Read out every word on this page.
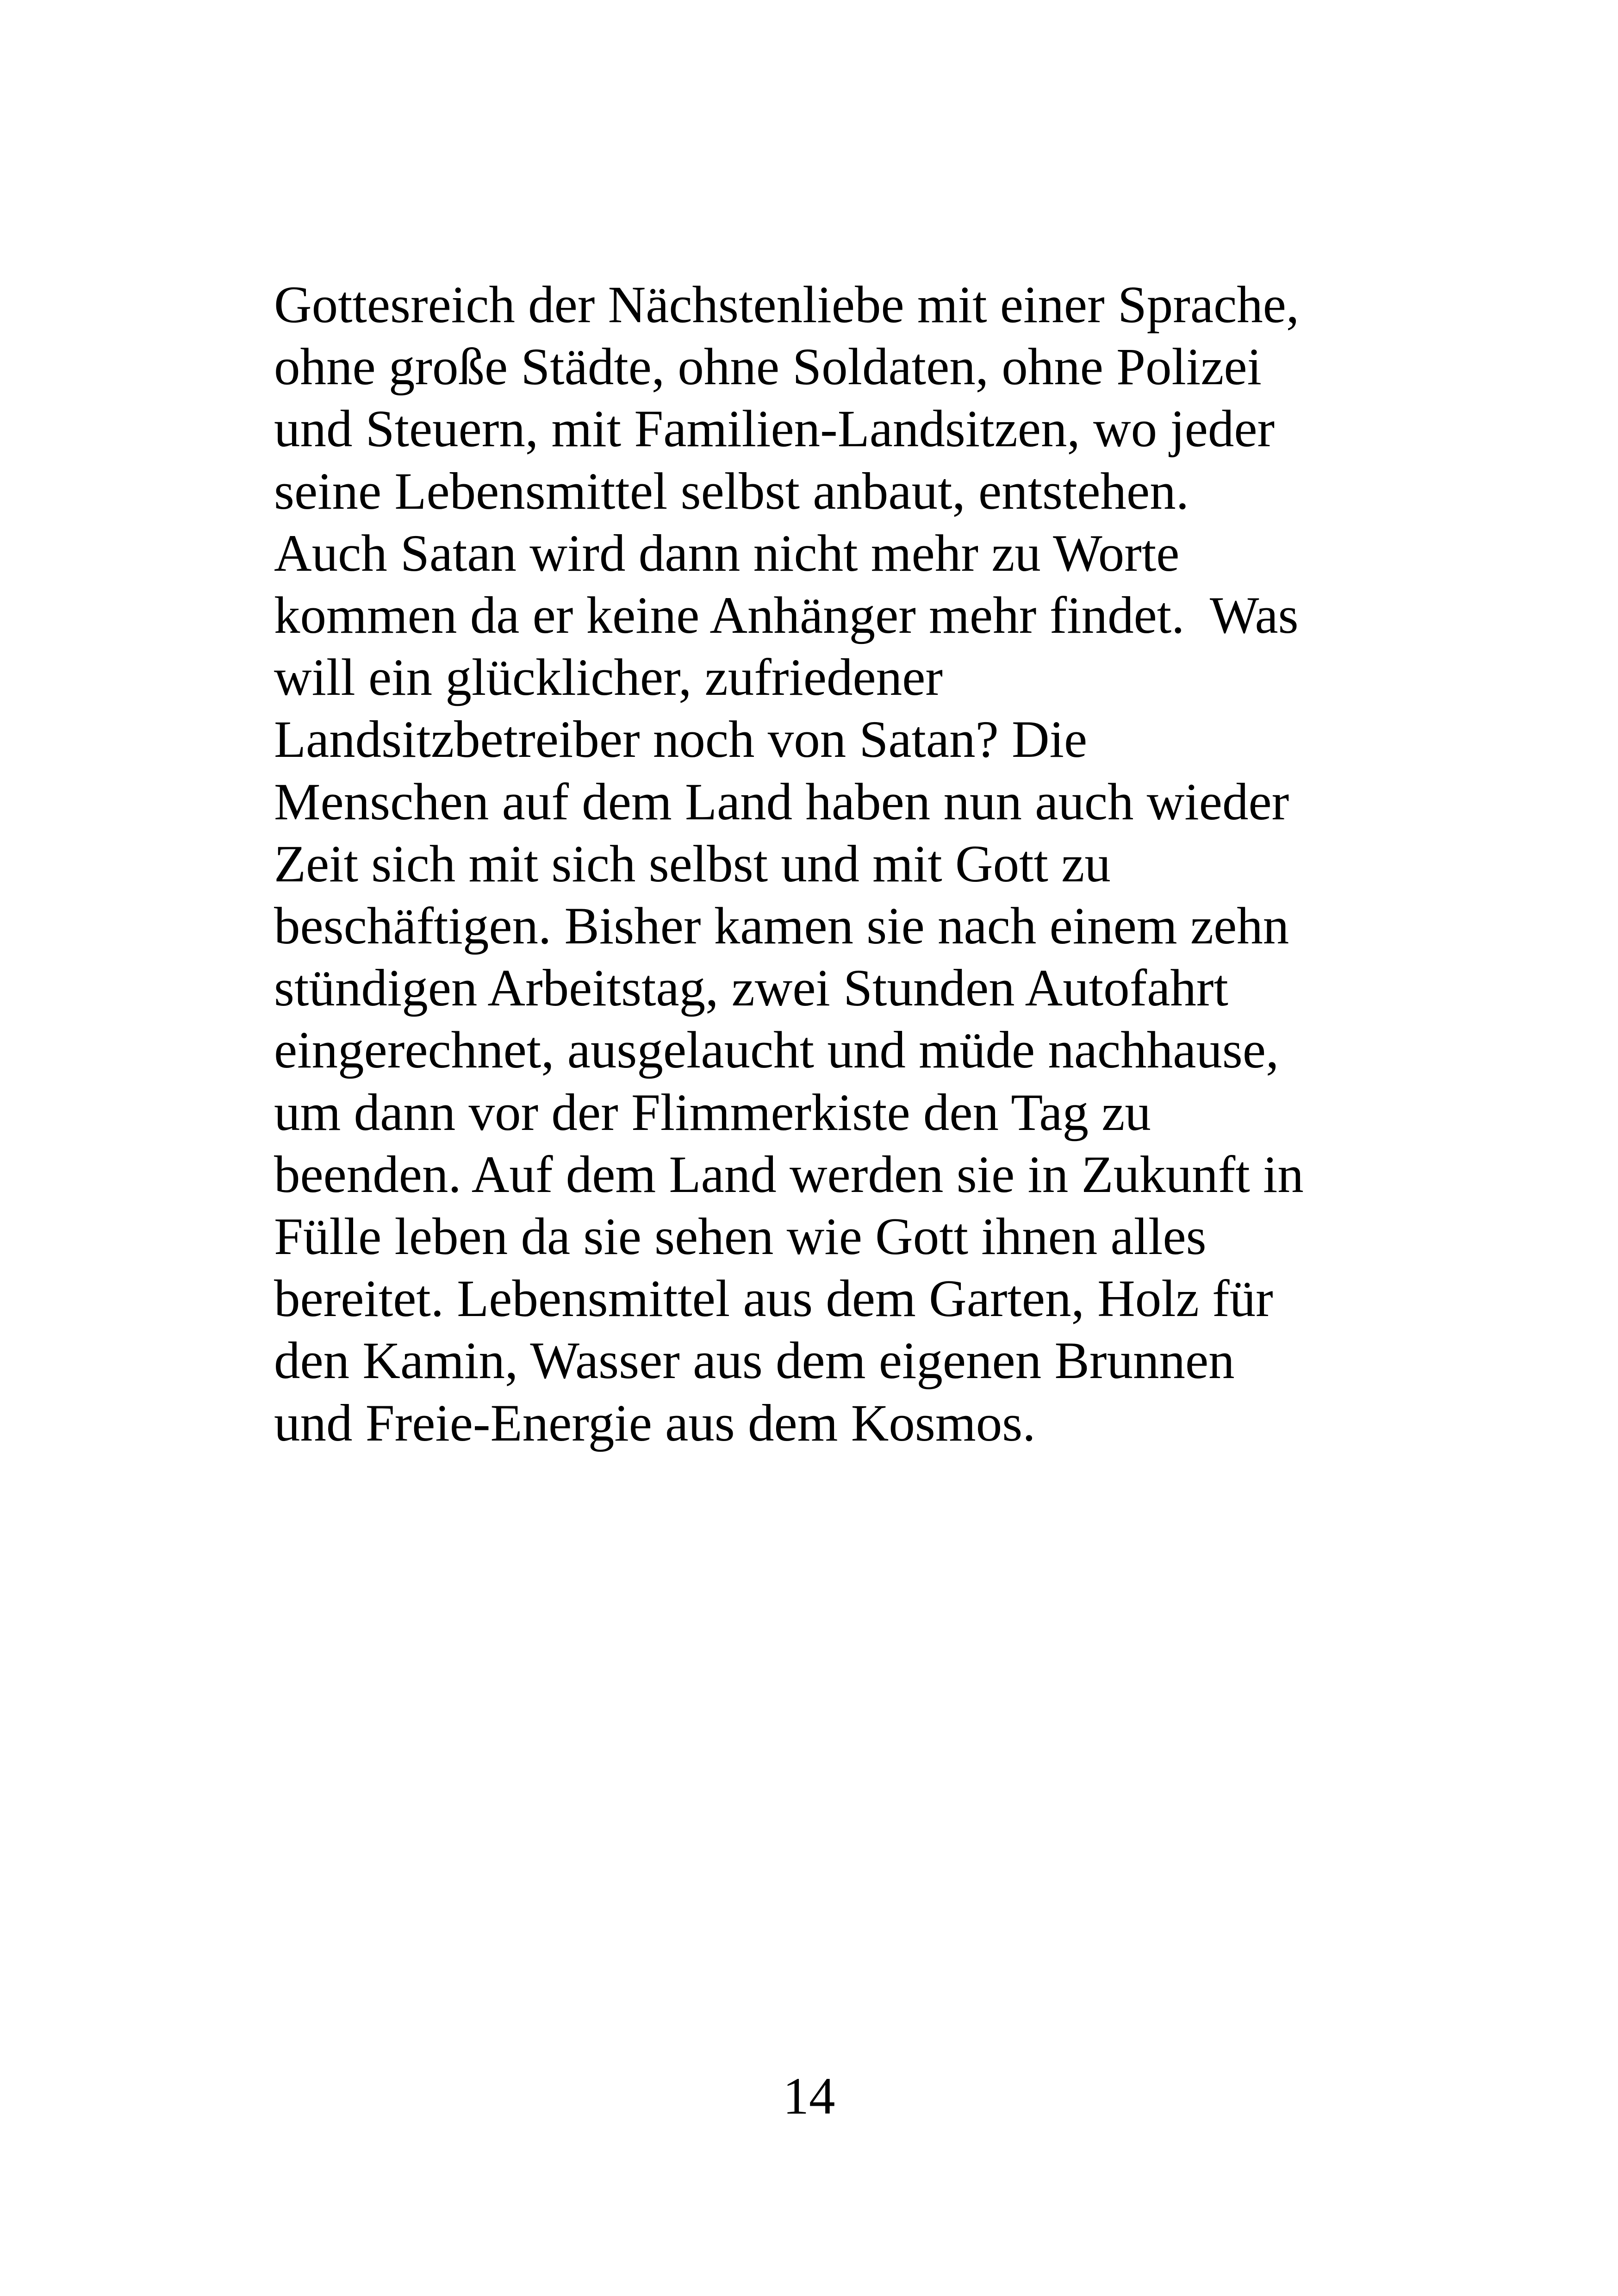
Gottesreich der Nächstenliebe mit einer Sprache,
ohne große Städte, ohne Soldaten, ohne Polizei
und Steuern, mit Familien-Landsitzen, wo jeder
seine Lebensmittel selbst anbaut, entstehen.
Auch Satan wird dann nicht mehr zu Worte
kommen da er keine Anhänger mehr findet.  Was
will ein glücklicher, zufriedener
Landsitzbetreiber noch von Satan? Die
Menschen auf dem Land haben nun auch wieder
Zeit sich mit sich selbst und mit Gott zu
beschäftigen. Bisher kamen sie nach einem zehn
stündigen Arbeitstag, zwei Stunden Autofahrt
eingerechnet, ausgelaucht und müde nachhause,
um dann vor der Flimmerkiste den Tag zu
beenden. Auf dem Land werden sie in Zukunft in
Fülle leben da sie sehen wie Gott ihnen alles
bereitet. Lebensmittel aus dem Garten, Holz für
den Kamin, Wasser aus dem eigenen Brunnen
und Freie-Energie aus dem Kosmos.
14
